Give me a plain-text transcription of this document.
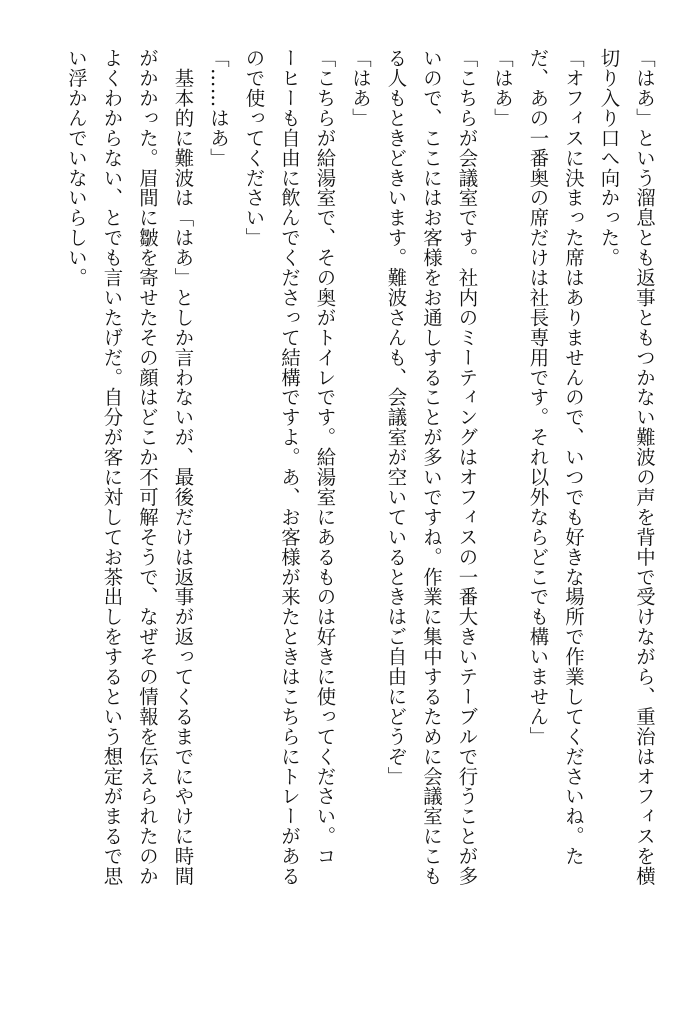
「はあ」という溜息とも返事ともつかない難波の声を背中で受けながら、重治はオフィスを横
切り入り口へ向かった。
「オフィスに決まった席はありませんので、いつでも好きな場所で作業してくださいね。た
だ、あの一番奥の席だけは社長専用です。それ以外ならどこでも構いません」
「はあ」
「こちらが会議室です。社内のミーティングはオフィスの一番大きいテーブルで行うことが多
いので、ここにはお客様をお通しすることが多いですね。作業に集中するために会議室にこも
る人もときどきいます。難波さんも、会議室が空いているときはご自由にどうぞ」
「はあ」
「こちらが給湯室で、その奥がトイレです。給湯室にあるものは好きに使ってください。コ
ーヒーも自由に飲んでくださって結構ですよ。あ、お客様が来たときはこちらにトレーがある
ので使ってください」
「……はあ」
　基本的に難波は「はあ」としか言わないが、最後だけは返事が返ってくるまでにやけに時間
がかかった。眉間に皺を寄せたその顔はどこか不可解そうで、なぜその情報を伝えられたのか
よくわからない、とでも言いたげだ。自分が客に対してお茶出しをするという想定がまるで思
い浮かんでいないらしい。
